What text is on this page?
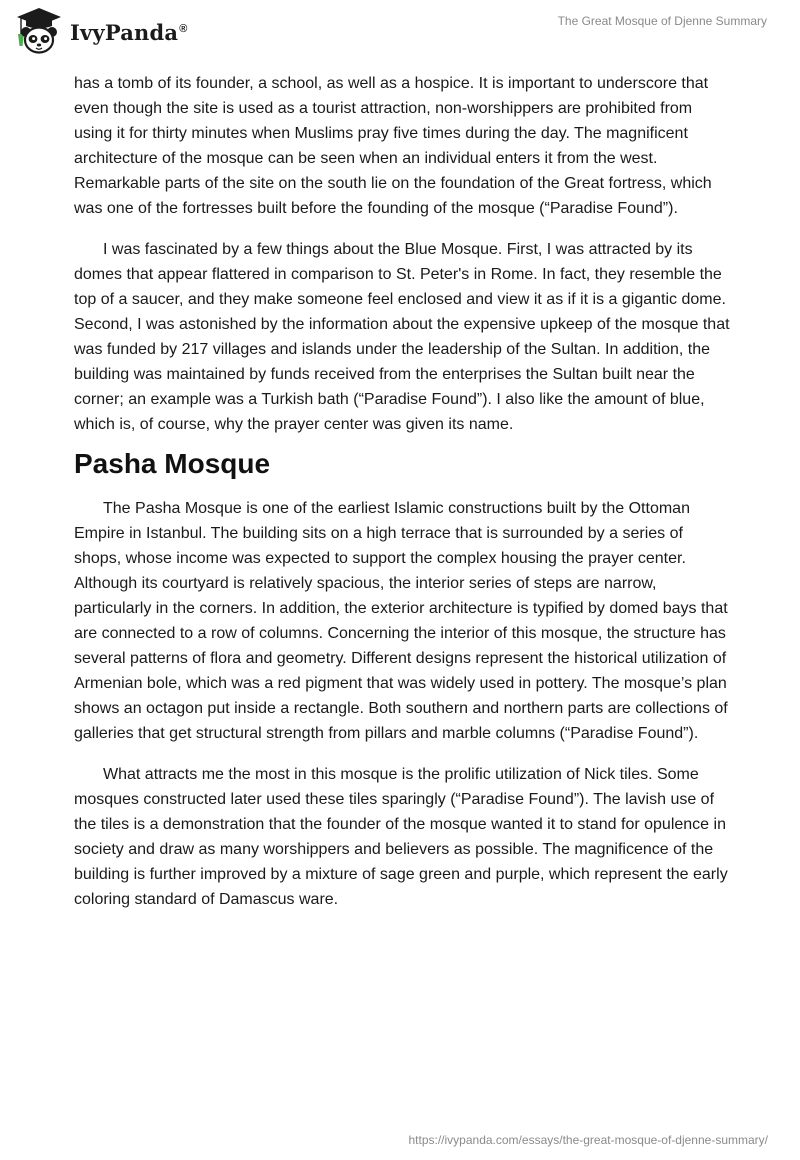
IvyPanda®
The Great Mosque of Djenne Summary

has a tomb of its founder, a school, as well as a hospice. It is important to underscore that even though the site is used as a tourist attraction, non-worshippers are prohibited from using it for thirty minutes when Muslims pray five times during the day. The magnificent architecture of the mosque can be seen when an individual enters it from the west. Remarkable parts of the site on the south lie on the foundation of the Great fortress, which was one of the fortresses built before the founding of the mosque (“Paradise Found”).

I was fascinated by a few things about the Blue Mosque. First, I was attracted by its domes that appear flattered in comparison to St. Peter's in Rome. In fact, they resemble the top of a saucer, and they make someone feel enclosed and view it as if it is a gigantic dome. Second, I was astonished by the information about the expensive upkeep of the mosque that was funded by 217 villages and islands under the leadership of the Sultan. In addition, the building was maintained by funds received from the enterprises the Sultan built near the corner; an example was a Turkish bath (“Paradise Found”). I also like the amount of blue, which is, of course, why the prayer center was given its name.

Pasha Mosque

The Pasha Mosque is one of the earliest Islamic constructions built by the Ottoman Empire in Istanbul. The building sits on a high terrace that is surrounded by a series of shops, whose income was expected to support the complex housing the prayer center. Although its courtyard is relatively spacious, the interior series of steps are narrow, particularly in the corners. In addition, the exterior architecture is typified by domed bays that are connected to a row of columns. Concerning the interior of this mosque, the structure has several patterns of flora and geometry. Different designs represent the historical utilization of Armenian bole, which was a red pigment that was widely used in pottery. The mosque’s plan shows an octagon put inside a rectangle. Both southern and northern parts are collections of galleries that get structural strength from pillars and marble columns (“Paradise Found”).

What attracts me the most in this mosque is the prolific utilization of Nick tiles. Some mosques constructed later used these tiles sparingly (“Paradise Found”). The lavish use of the tiles is a demonstration that the founder of the mosque wanted it to stand for opulence in society and draw as many worshippers and believers as possible. The magnificence of the building is further improved by a mixture of sage green and purple, which represent the early coloring standard of Damascus ware.

https://ivypanda.com/essays/the-great-mosque-of-djenne-summary/
